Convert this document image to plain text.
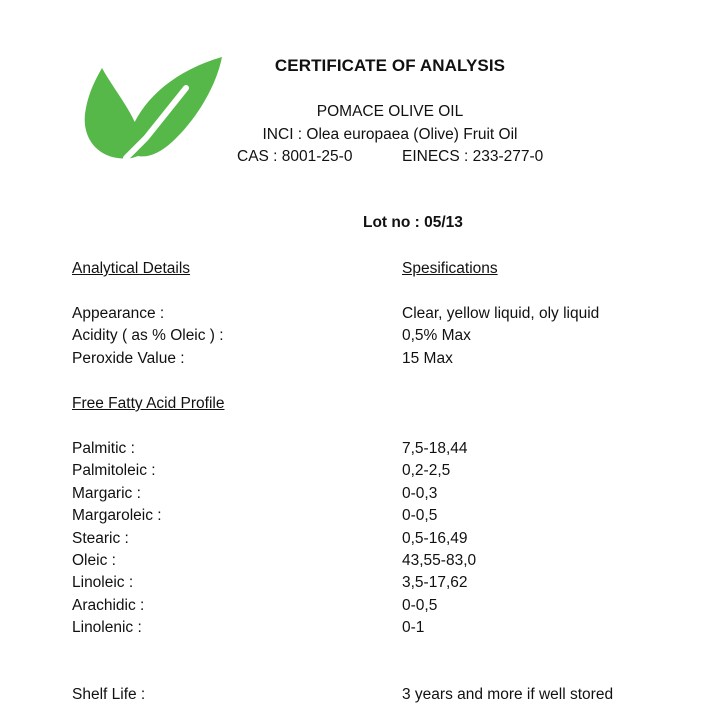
CERTIFICATE OF ANALYSIS
POMACE OLIVE OIL
INCI : Olea europaea (Olive) Fruit Oil
CAS : 8001-25-0	EINECS : 233-277-0
Lot no : 05/13
Analytical Details	Spesifications
Appearance :	Clear, yellow liquid, oly liquid
Acidity ( as % Oleic ) :	0,5% Max
Peroxide Value :	15 Max
Free Fatty Acid Profile
Palmitic :	7,5-18,44
Palmitoleic :	0,2-2,5
Margaric :	0-0,3
Margaroleic :	0-0,5
Stearic :	0,5-16,49
Oleic :	43,55-83,0
Linoleic :	3,5-17,62
Arachidic :	0-0,5
Linolenic :	0-1
Shelf Life :	3 years and more if well stored
